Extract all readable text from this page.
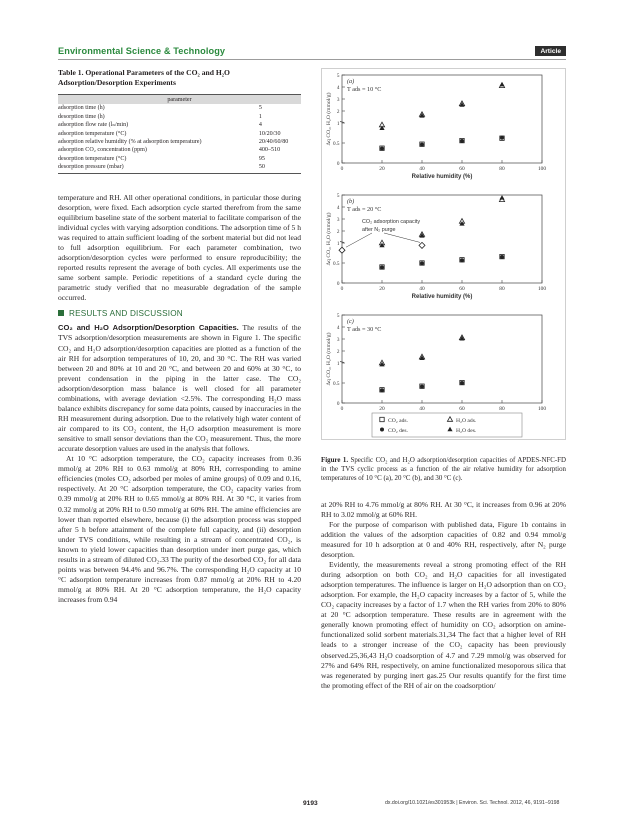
Environmental Science & Technology	Article
Table 1. Operational Parameters of the CO₂ and H₂O Adsorption/Desorption Experiments
parameter	
adsorption time (h)	5
desorption time (h)	1
adsorption flow rate (lₙ/min)	4
adsorption temperature (°C)	10/20/30
adsorption relative humidity (% at adsorption temperature)	20/40/60/80
adsorption CO₂ concentration (ppm)	400–510
desorption temperature (°C)	95
desorption pressure (mbar)	50

temperature and RH. All other operational conditions, in particular those during desorption, were fixed. Each adsorption cycle started therefrom from the same equilibrium baseline state of the sorbent material to facilitate comparison of the individual cycles with varying adsorption conditions. The adsorption time of 5 h was required to attain sufficient loading of the sorbent material but did not lead to full adsorption equilibrium. For each parameter combination, two adsorption/desorption cycles were performed to ensure reproducibility; the reported results represent the average of both cycles. All experiments use the same sorbent sample. Periodic repetitions of a standard cycle during the parametric study verified that no measurable degradation of the sample occurred.

RESULTS AND DISCUSSION

CO₂ and H₂O Adsorption/Desorption Capacities. The results of the TVS adsorption/desorption measurements are shown in Figure 1. The specific CO₂ and H₂O adsorption/desorption capacities are plotted as a function of the air RH for adsorption temperatures of 10, 20, and 30 °C. The RH was varied between 20 and 80% at 10 and 20 °C, and between 20 and 60% at 30 °C, to prevent condensation in the piping in the latter case. The CO₂ adsorption/desorption mass balance is well closed for all parameter combinations, with average deviation <2.5%. The corresponding H₂O mass balance exhibits discrepancy for some data points, caused by inaccuracies in the RH measurement during adsorption. Due to the relatively high water content of air compared to its CO₂ content, the H₂O adsorption measurement is more sensitive to small sensor deviations than the CO₂ measurement. Thus, the more accurate desorption values are used in the analysis that follows.

At 10 °C adsorption temperature, the CO₂ capacity increases from 0.36 mmol/g at 20% RH to 0.63 mmol/g at 80% RH, corresponding to amine efficiencies (moles CO₂ adsorbed per moles of amine groups) of 0.09 and 0.16, respectively. At 20 °C adsorption temperature, the CO₂ capacity varies from 0.39 mmol/g at 20% RH to 0.65 mmol/g at 80% RH. At 30 °C, it varies from 0.32 mmol/g at 20% RH to 0.50 mmol/g at 60% RH. The amine efficiencies are lower than reported elsewhere, because (i) the adsorption process was stopped after 5 h before attainment of the complete full capacity, and (ii) desorption under TVS conditions, while resulting in a stream of concentrated CO₂, is known to yield lower capacities than desorption under inert purge gas, which results in a stream of diluted CO₂.33 The purity of the desorbed CO₂ for all data points was between 94.4% and 96.7%. The corresponding H₂O capacity at 10 °C adsorption temperature increases from 0.87 mmol/g at 20% RH to 4.20 mmol/g at 80% RH. At 20 °C adsorption temperature, the H₂O capacity increases from 0.94

0
0.5
1
2
3
4
5
0	20	40	60	80	100
Relative humidity (%)
Δq CO₂, H₂O (mmol/g)
(a)
T ads = 10 °C
0
0.5
1
2
3
4
5
0	20	40	60	80	100
Relative humidity (%)
Δq CO₂, H₂O (mmol/g)
(b)
T ads = 20 °C
CO₂ adsorption capacity
after N₂ purge
0
0.5
1
2
3
4
5
0	20	40	60	80	100
Δq CO₂, H₂O (mmol/g)
(c)
T ads = 30 °C
CO₂ ads.	H₂O ads.
CO₂ des.	H₂O des.
Figure 1. Specific CO₂ and H₂O adsorption/desorption capacities of APDES-NFC-FD in the TVS cyclic process as a function of the air relative humidity for adsorption temperatures of 10 °C (a), 20 °C (b), and 30 °C (c).

at 20% RH to 4.76 mmol/g at 80% RH. At 30 °C, it increases from 0.96 at 20% RH to 3.02 mmol/g at 60% RH.

For the purpose of comparison with published data, Figure 1b contains in addition the values of the adsorption capacities of 0.82 and 0.94 mmol/g measured for 10 h adsorption at 0 and 40% RH, respectively, after N₂ purge desorption.

Evidently, the measurements reveal a strong promoting effect of the RH during adsorption on both CO₂ and H₂O capacities for all investigated adsorption temperatures. The influence is larger on H₂O adsorption than on CO₂ adsorption. For example, the H₂O capacity increases by a factor of 5, while the CO₂ capacity increases by a factor of 1.7 when the RH varies from 20% to 80% at 20 °C adsorption temperature. These results are in agreement with the generally known promoting effect of humidity on CO₂ adsorption on amine-functionalized solid sorbent materials.31,34 The fact that a higher level of RH leads to a stronger increase of the CO₂ capacity has been previously observed.25,36,43 H₂O coadsorption of 4.7 and 7.29 mmol/g was observed for 27% and 64% RH, respectively, on amine functionalized mesoporous silica that was regenerated by purging inert gas.25 Our results quantify for the first time the promoting effect of the RH of air on the coadsorption/

9193	dx.doi.org/10.1021/es301953k | Environ. Sci. Technol. 2012, 46, 9191−9198
